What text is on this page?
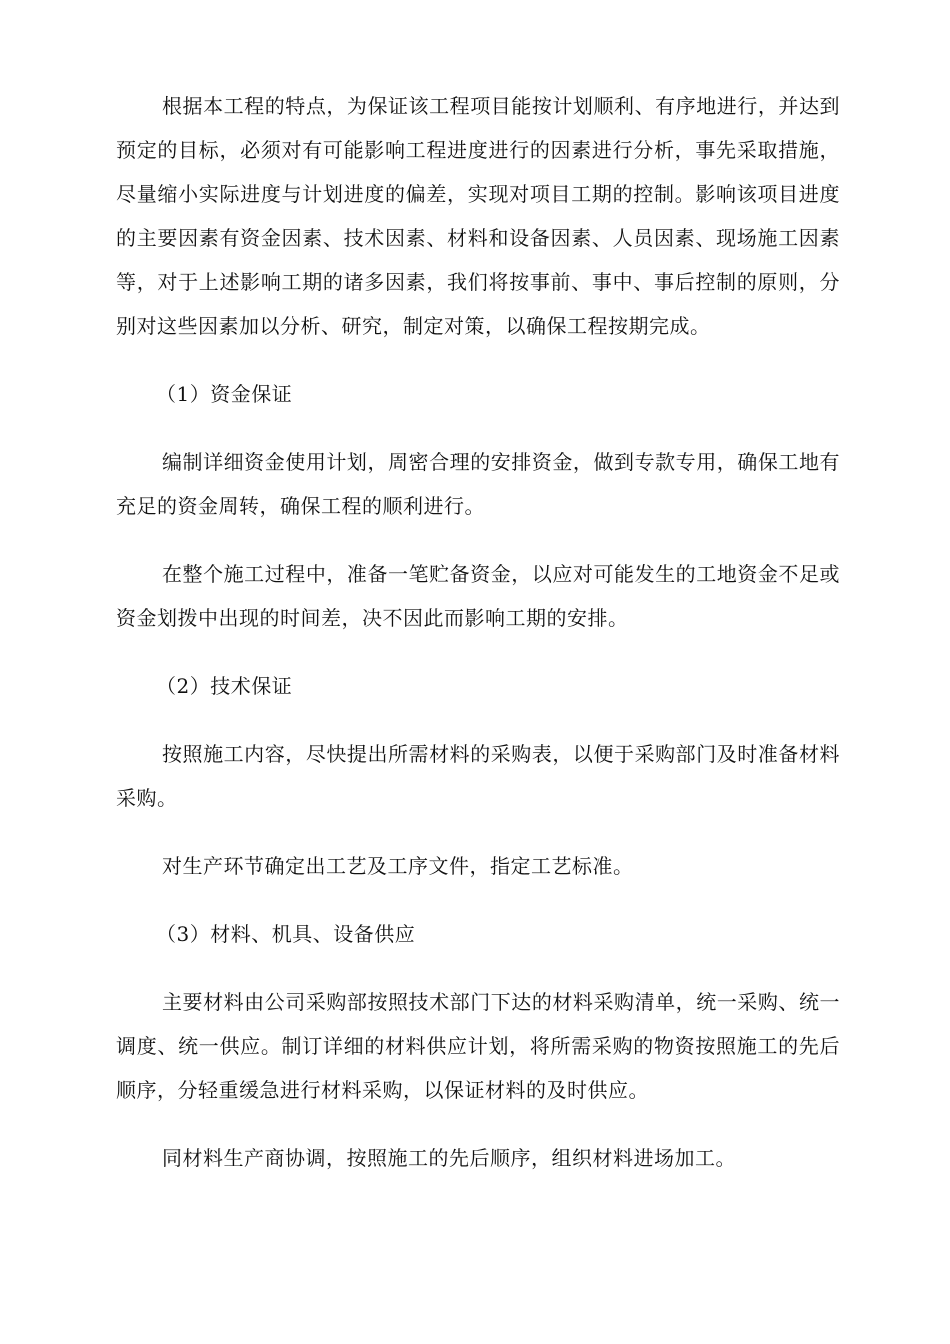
根据本工程的特点，为保证该工程项目能按计划顺利、有序地进行，并达到预定的目标，必须对有可能影响工程进度进行的因素进行分析，事先采取措施，尽量缩小实际进度与计划进度的偏差，实现对项目工期的控制。影响该项目进度的主要因素有资金因素、技术因素、材料和设备因素、人员因素、现场施工因素等，对于上述影响工期的诸多因素，我们将按事前、事中、事后控制的原则，分别对这些因素加以分析、研究，制定对策，以确保工程按期完成。

（1）资金保证

编制详细资金使用计划，周密合理的安排资金，做到专款专用，确保工地有充足的资金周转，确保工程的顺利进行。

在整个施工过程中，准备一笔贮备资金，以应对可能发生的工地资金不足或资金划拨中出现的时间差，决不因此而影响工期的安排。

（2）技术保证

按照施工内容，尽快提出所需材料的采购表，以便于采购部门及时准备材料采购。

对生产环节确定出工艺及工序文件，指定工艺标准。

（3）材料、机具、设备供应

主要材料由公司采购部按照技术部门下达的材料采购清单，统一采购、统一调度、统一供应。制订详细的材料供应计划，将所需采购的物资按照施工的先后顺序，分轻重缓急进行材料采购，以保证材料的及时供应。

同材料生产商协调，按照施工的先后顺序，组织材料进场加工。
